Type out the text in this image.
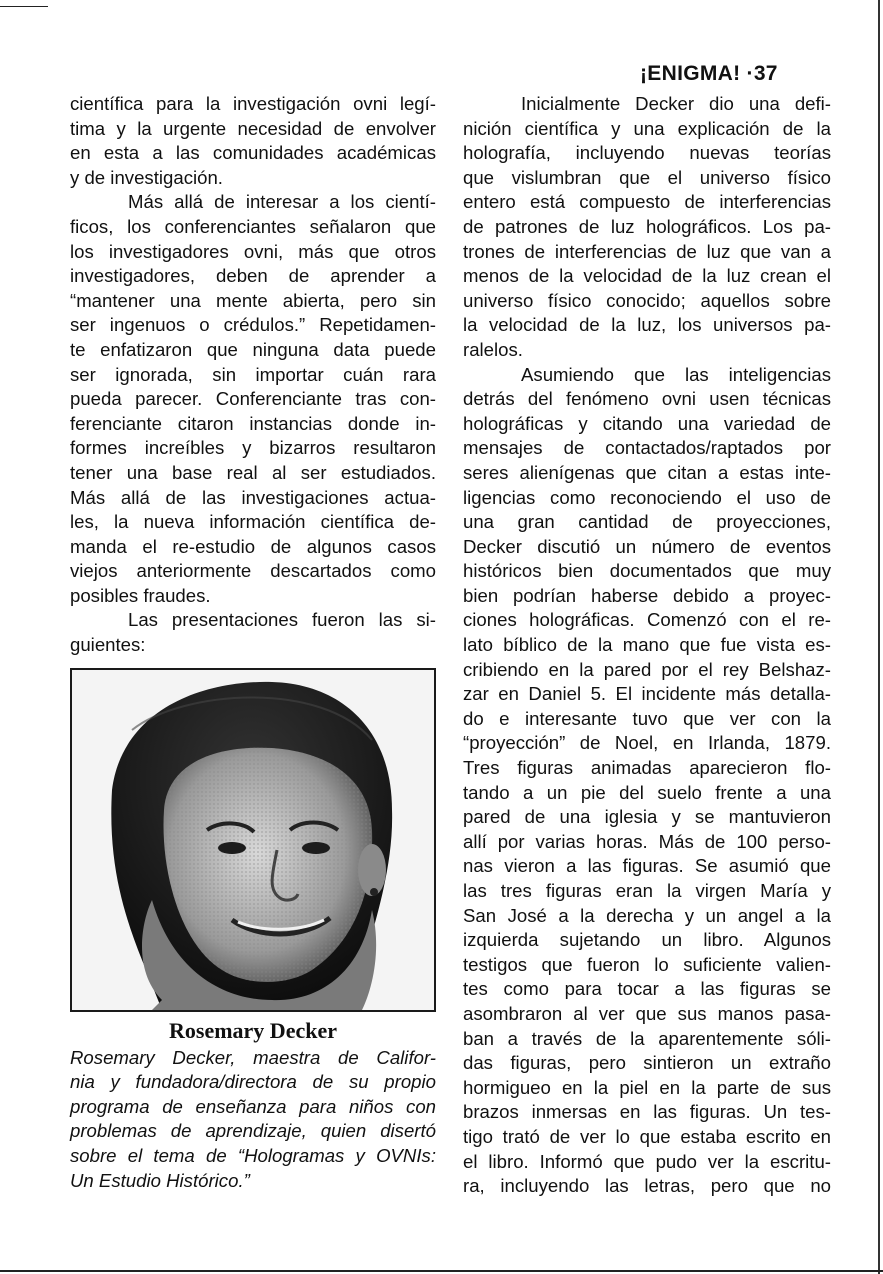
¡ENIGMA! ·37
científica para la investigación ovni legí-
tima y la urgente necesidad de envolver
en esta a las comunidades académicas
y de investigación.
Más allá de interesar a los cientí-
ficos, los conferenciantes señalaron que
los investigadores ovni, más que otros
investigadores, deben de aprender a
“mantener una mente abierta, pero sin
ser ingenuos o crédulos.” Repetidamen-
te enfatizaron que ninguna data puede
ser ignorada, sin importar cuán rara
pueda parecer. Conferenciante tras con-
ferenciante citaron instancias donde in-
formes increíbles y bizarros resultaron
tener una base real al ser estudiados.
Más allá de las investigaciones actua-
les, la nueva información científica de-
manda el re-estudio de algunos casos
viejos anteriormente descartados como
posibles fraudes.
Las presentaciones fueron las si-
guientes:
Rosemary Decker
Rosemary Decker, maestra de Califor-
nia y fundadora/directora de su propio
programa de enseñanza para niños con
problemas de aprendizaje, quien disertó
sobre el tema de “Hologramas y OVNIs:
Un Estudio Histórico.”
Inicialmente Decker dio una defi-
nición científica y una explicación de la
holografía, incluyendo nuevas teorías
que vislumbran que el universo físico
entero está compuesto de interferencias
de patrones de luz holográficos. Los pa-
trones de interferencias de luz que van a
menos de la velocidad de la luz crean el
universo físico conocido; aquellos sobre
la velocidad de la luz, los universos pa-
ralelos.
Asumiendo que las inteligencias
detrás del fenómeno ovni usen técnicas
holográficas y citando una variedad de
mensajes de contactados/raptados por
seres alienígenas que citan a estas inte-
ligencias como reconociendo el uso de
una gran cantidad de proyecciones,
Decker discutió un número de eventos
históricos bien documentados que muy
bien podrían haberse debido a proyec-
ciones holográficas. Comenzó con el re-
lato bíblico de la mano que fue vista es-
cribiendo en la pared por el rey Belshaz-
zar en Daniel 5. El incidente más detalla-
do e interesante tuvo que ver con la
“proyección” de Noel, en Irlanda, 1879.
Tres figuras animadas aparecieron flo-
tando a un pie del suelo frente a una
pared de una iglesia y se mantuvieron
allí por varias horas. Más de 100 perso-
nas vieron a las figuras. Se asumió que
las tres figuras eran la virgen María y
San José a la derecha y un angel a la
izquierda sujetando un libro. Algunos
testigos que fueron lo suficiente valien-
tes como para tocar a las figuras se
asombraron al ver que sus manos pasa-
ban a través de la aparentemente sóli-
das figuras, pero sintieron un extraño
hormigueo en la piel en la parte de sus
brazos inmersas en las figuras. Un tes-
tigo trató de ver lo que estaba escrito en
el libro. Informó que pudo ver la escritu-
ra, incluyendo las letras, pero que no
